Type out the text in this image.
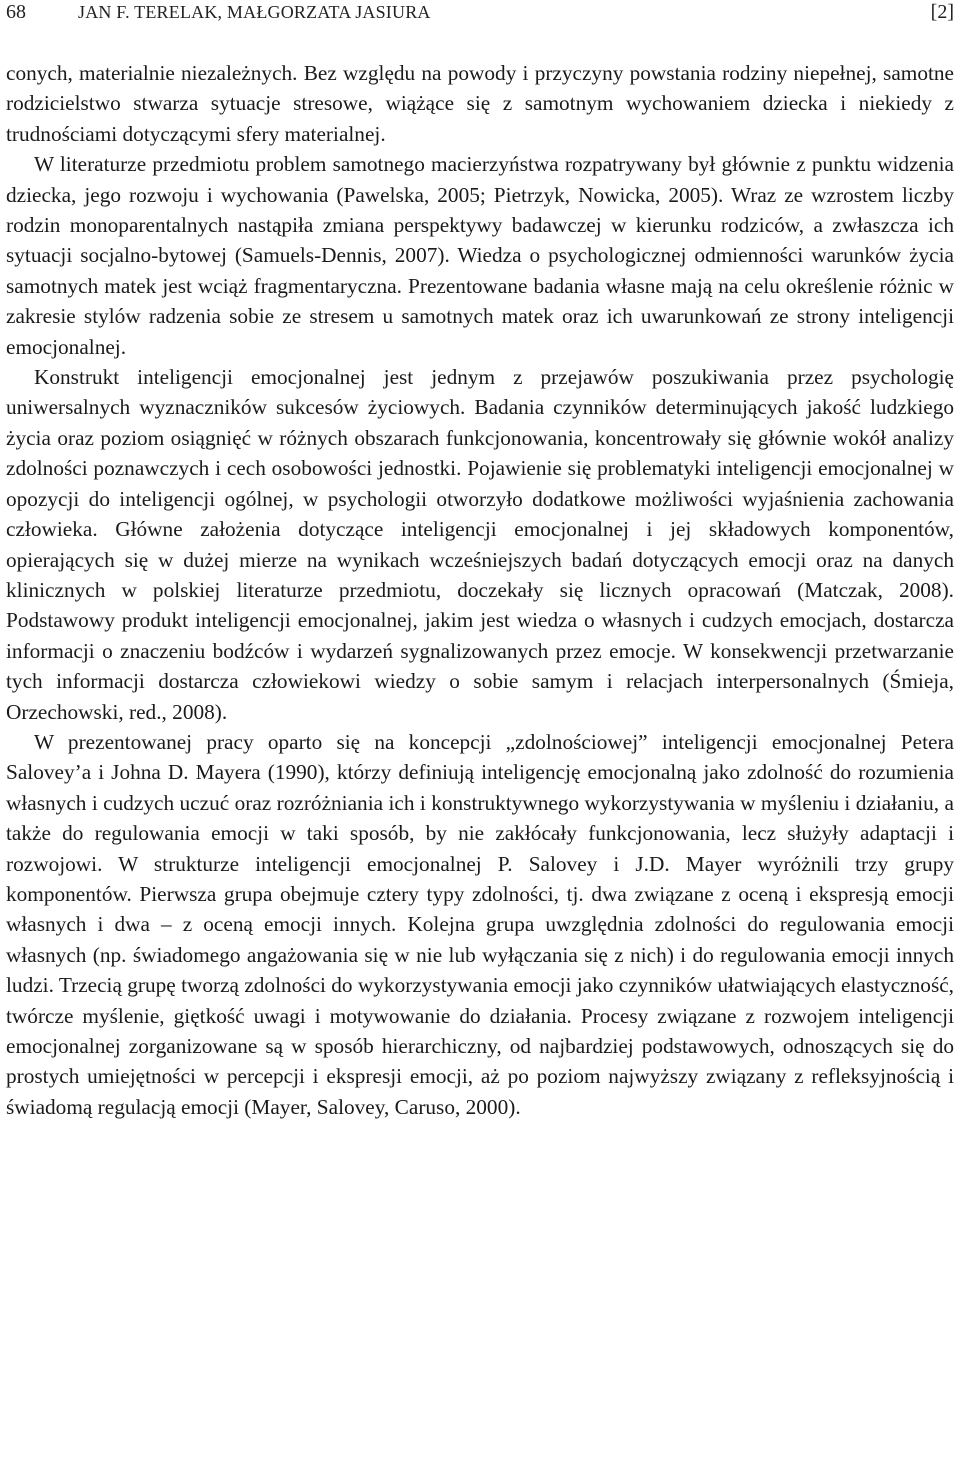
68	JAN F. TERELAK, MAŁGORZATA JASIURA	[2]

conych, materialnie niezależnych. Bez względu na powody i przyczyny powstania rodziny niepełnej, samotne rodzicielstwo stwarza sytuacje stresowe, wiążące się z samotnym wychowaniem dziecka i niekiedy z trudnościami dotyczącymi sfery materialnej.

W literaturze przedmiotu problem samotnego macierzyństwa rozpatrywany był głównie z punktu widzenia dziecka, jego rozwoju i wychowania (Pawelska, 2005; Pietrzyk, Nowicka, 2005). Wraz ze wzrostem liczby rodzin monoparentalnych nastąpiła zmiana perspektywy badawczej w kierunku rodziców, a zwłaszcza ich sytuacji socjalno-bytowej (Samuels-Dennis, 2007). Wiedza o psychologicznej odmienności warunków życia samotnych matek jest wciąż fragmentaryczna. Prezentowane badania własne mają na celu określenie różnic w zakresie stylów radzenia sobie ze stresem u samotnych matek oraz ich uwarunkowań ze strony inteligencji emocjonalnej.

Konstrukt inteligencji emocjonalnej jest jednym z przejawów poszukiwania przez psychologię uniwersalnych wyznaczników sukcesów życiowych. Badania czynników determinujących jakość ludzkiego życia oraz poziom osiągnięć w różnych obszarach funkcjonowania, koncentrowały się głównie wokół analizy zdolności poznawczych i cech osobowości jednostki. Pojawienie się problematyki inteligencji emocjonalnej w opozycji do inteligencji ogólnej, w psychologii otworzyło dodatkowe możliwości wyjaśnienia zachowania człowieka. Główne założenia dotyczące inteligencji emocjonalnej i jej składowych komponentów, opierających się w dużej mierze na wynikach wcześniejszych badań dotyczących emocji oraz na danych klinicznych w polskiej literaturze przedmiotu, doczekały się licznych opracowań (Matczak, 2008). Podstawowy produkt inteligencji emocjonalnej, jakim jest wiedza o własnych i cudzych emocjach, dostarcza informacji o znaczeniu bodźców i wydarzeń sygnalizowanych przez emocje. W konsekwencji przetwarzanie tych informacji dostarcza człowiekowi wiedzy o sobie samym i relacjach interpersonalnych (Śmieja, Orzechowski, red., 2008).

W prezentowanej pracy oparto się na koncepcji „zdolnościowej” inteligencji emocjonalnej Petera Salovey’a i Johna D. Mayera (1990), którzy definiują inteligencję emocjonalną jako zdolność do rozumienia własnych i cudzych uczuć oraz rozróżniania ich i konstruktywnego wykorzystywania w myśleniu i działaniu, a także do regulowania emocji w taki sposób, by nie zakłócały funkcjonowania, lecz służyły adaptacji i rozwojowi. W strukturze inteligencji emocjonalnej P. Salovey i J.D. Mayer wyróżnili trzy grupy komponentów. Pierwsza grupa obejmuje cztery typy zdolności, tj. dwa związane z oceną i ekspresją emocji własnych i dwa – z oceną emocji innych. Kolejna grupa uwzględnia zdolności do regulowania emocji własnych (np. świadomego angażowania się w nie lub wyłączania się z nich) i do regulowania emocji innych ludzi. Trzecią grupę tworzą zdolności do wykorzystywania emocji jako czynników ułatwiających elastyczność, twórcze myślenie, giętkość uwagi i motywowanie do działania. Procesy związane z rozwojem inteligencji emocjonalnej zorganizowane są w sposób hierarchiczny, od najbardziej podstawowych, odnoszących się do prostych umiejętności w percepcji i ekspresji emocji, aż po poziom najwyższy związany z refleksyjnością i świadomą regulacją emocji (Mayer, Salovey, Caruso, 2000).
